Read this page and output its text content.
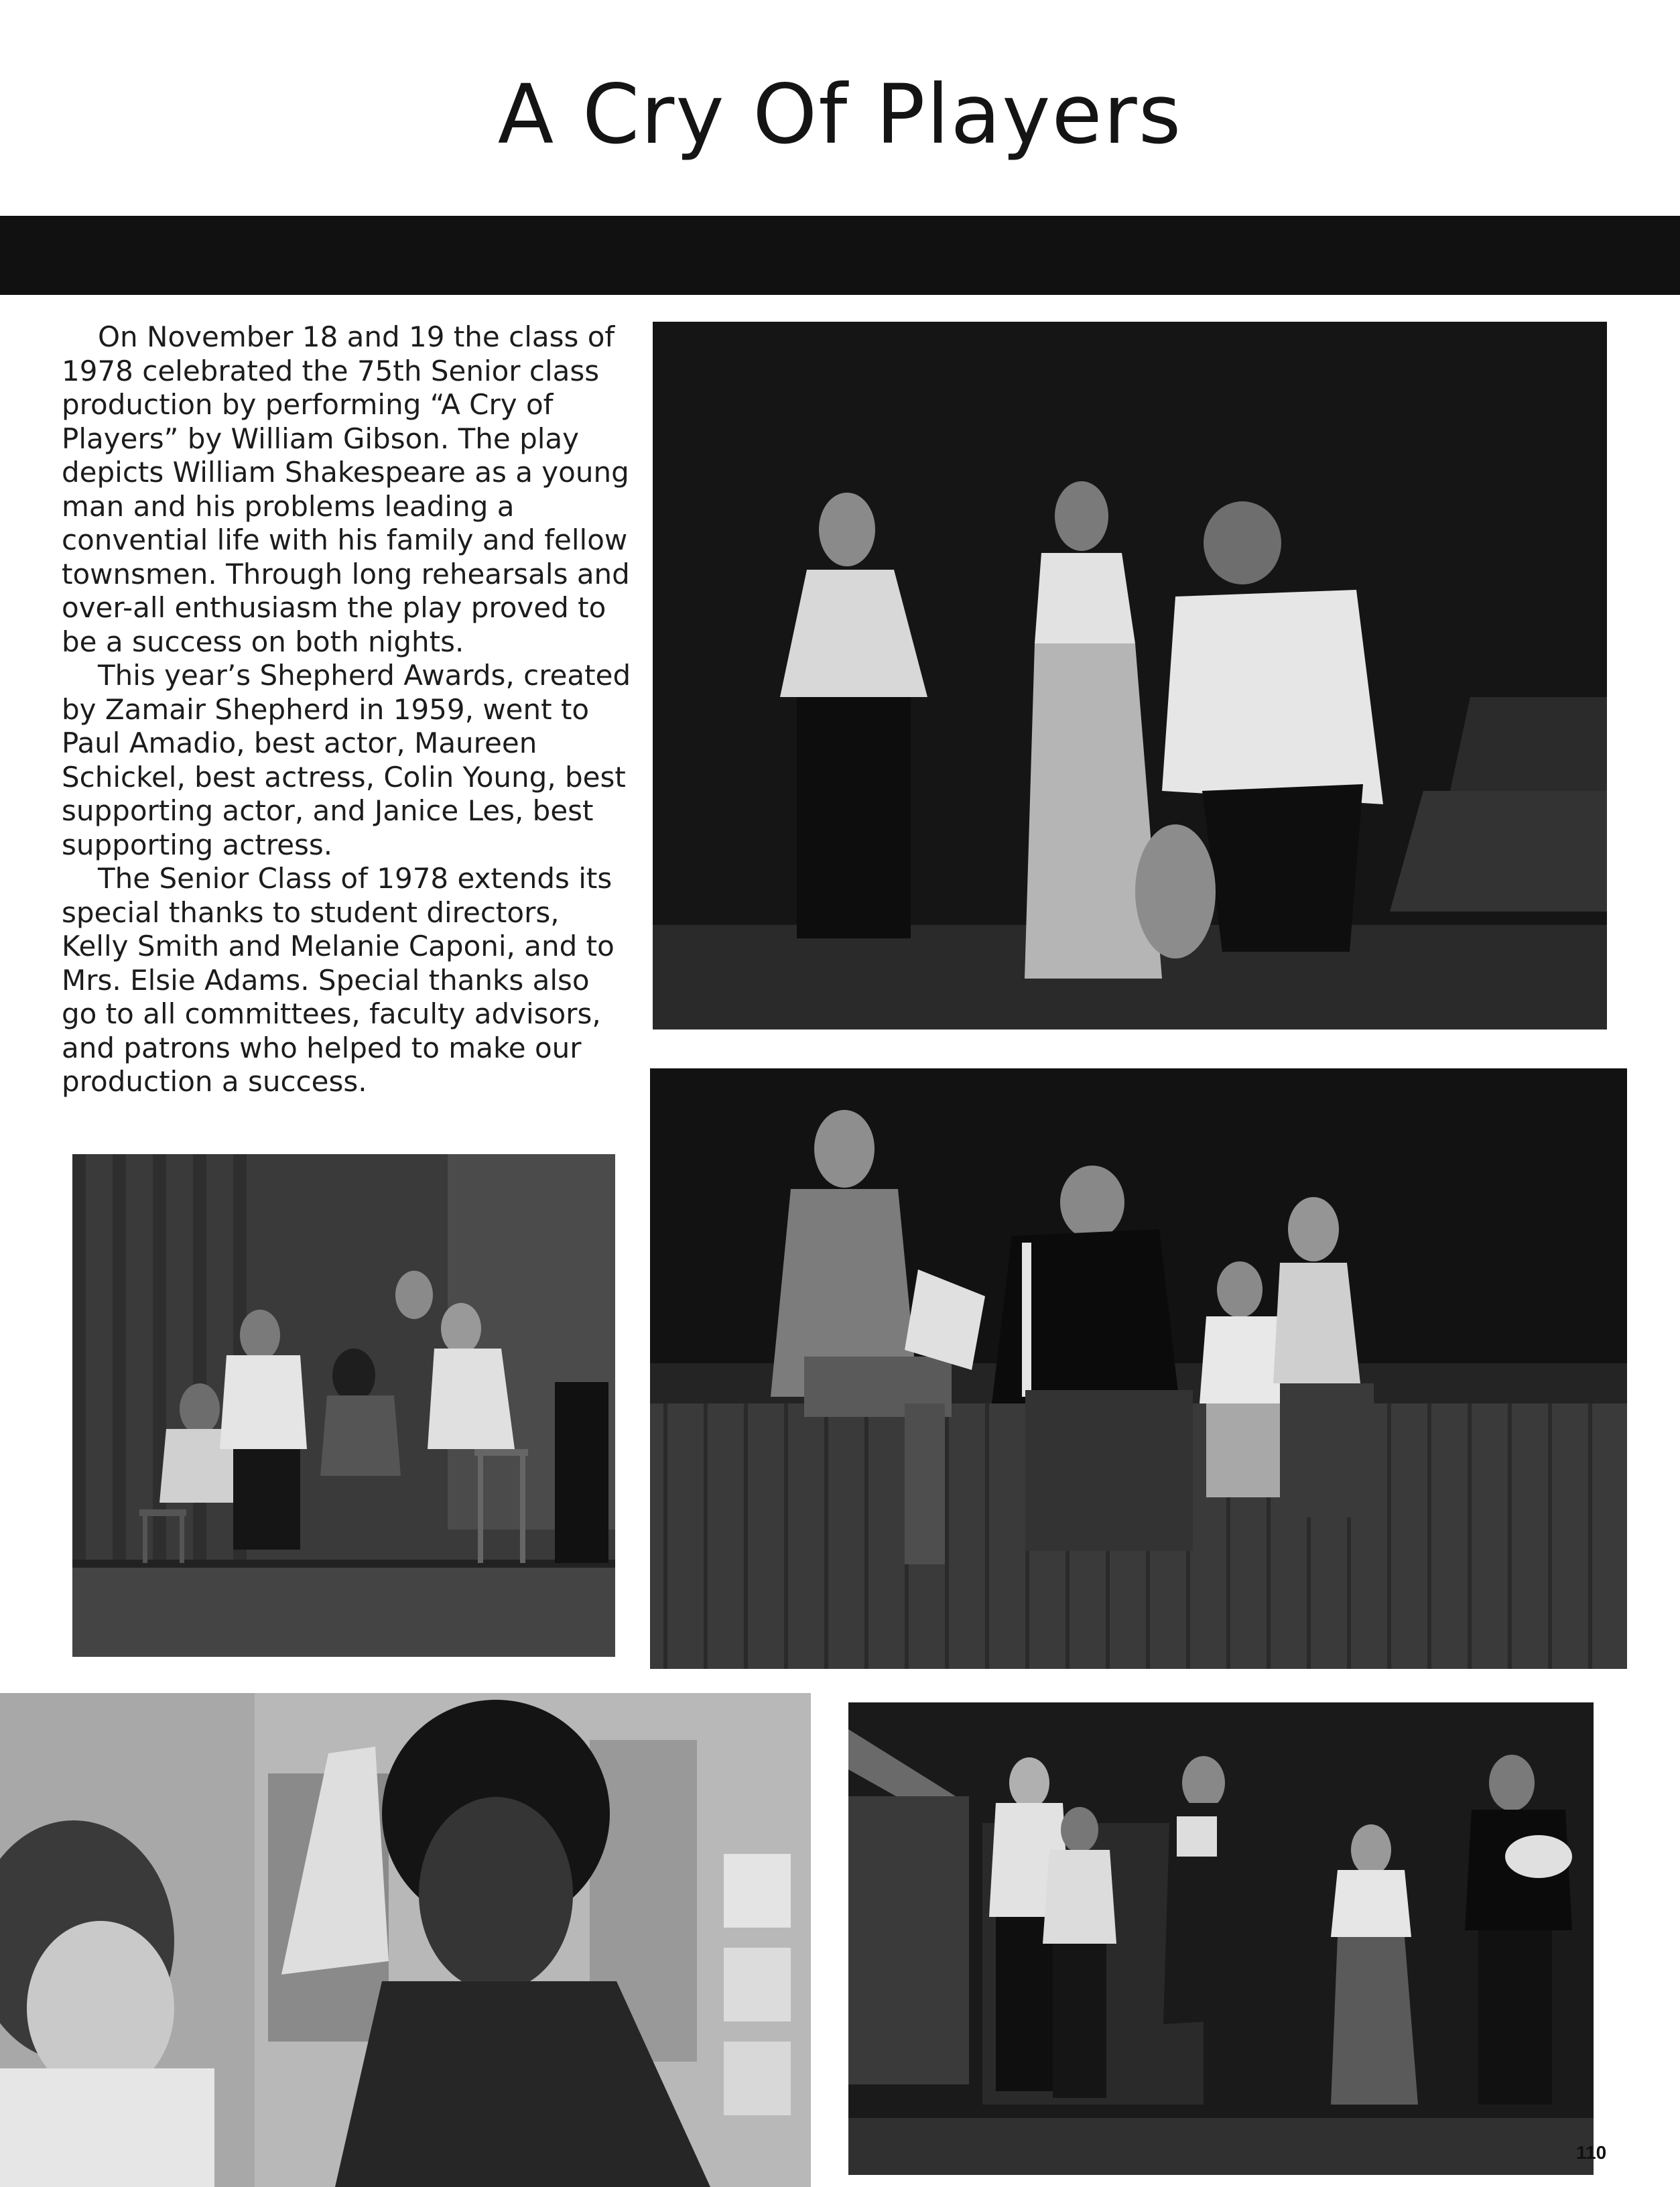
A Cry Of Players

On November 18 and 19 the class of 1978 celebrated the 75th Senior class production by performing “A Cry of Players” by William Gibson. The play depicts William Shakespeare as a young man and his problems leading a convential life with his family and fellow townsmen. Through long rehearsals and over-all enthusiasm the play proved to be a success on both nights.

This year’s Shepherd Awards, created by Zamair Shepherd in 1959, went to Paul Amadio, best actor, Maureen Schickel, best actress, Colin Young, best supporting actor, and Janice Les, best supporting actress.

The Senior Class of 1978 extends its special thanks to student directors, Kelly Smith and Melanie Caponi, and to Mrs. Elsie Adams. Special thanks also go to all committees, faculty advisors, and patrons who helped to make our production a success.

110
